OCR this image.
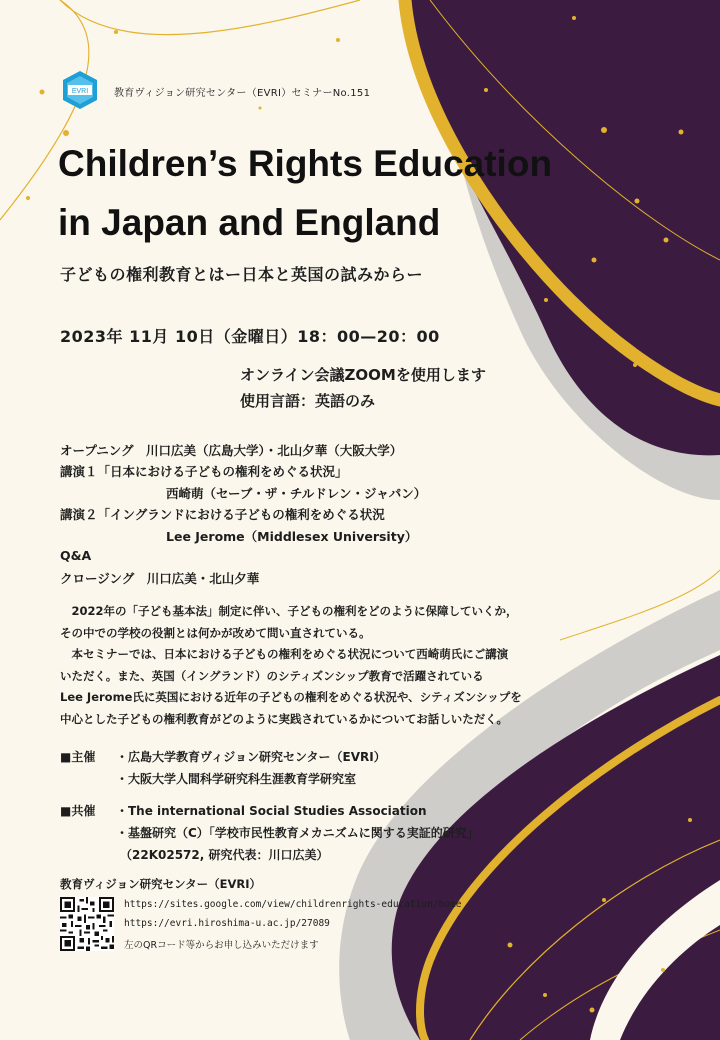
EVRI	教育ヴィジョン研究センター（EVRI）セミナーNo.151
Children’s Rights Education
in Japan and England
子どもの権利教育とはー日本と英国の試みからー
2023年 11月 10日（金曜日）18：00—20：00
オンライン会議ZOOMを使用します
使用言語：英語のみ
オープニング　川口広美（広島大学）・北山夕華（大阪大学）
講演１「日本における子どもの権利をめぐる状況」
西崎萌（セーブ・ザ・チルドレン・ジャパン）
講演２「イングランドにおける子どもの権利をめぐる状況
Lee Jerome（Middlesex University）
Q&A
クロージング　川口広美・北山夕華
　2022年の「子ども基本法」制定に伴い、子どもの権利をどのように保障していくか，
その中での学校の役割とは何かが改めて問い直されている。
　本セミナーでは、日本における子どもの権利をめぐる状況について西崎萌氏にご講演
いただく。また、英国（イングランド）のシティズンシップ教育で活躍されている
Lee Jerome氏に英国における近年の子どもの権利をめぐる状況や、シティズンシップを
中心とした子どもの権利教育がどのように実践されているかについてお話しいただく。
■主催 ・広島大学教育ヴィジョン研究センター（EVRI）
・大阪大学人間科学研究科生涯教育学研究室
■共催 ・The international Social Studies Association
・基盤研究（C）「学校市民性教育メカニズムに関する実証的研究」
（22K02572, 研究代表：川口広美）
教育ヴィジョン研究センター（EVRI）
https://sites.google.com/view/childrenrights-education/home
https://evri.hiroshima-u.ac.jp/27089
左のQRコード等からお申し込みいただけます
